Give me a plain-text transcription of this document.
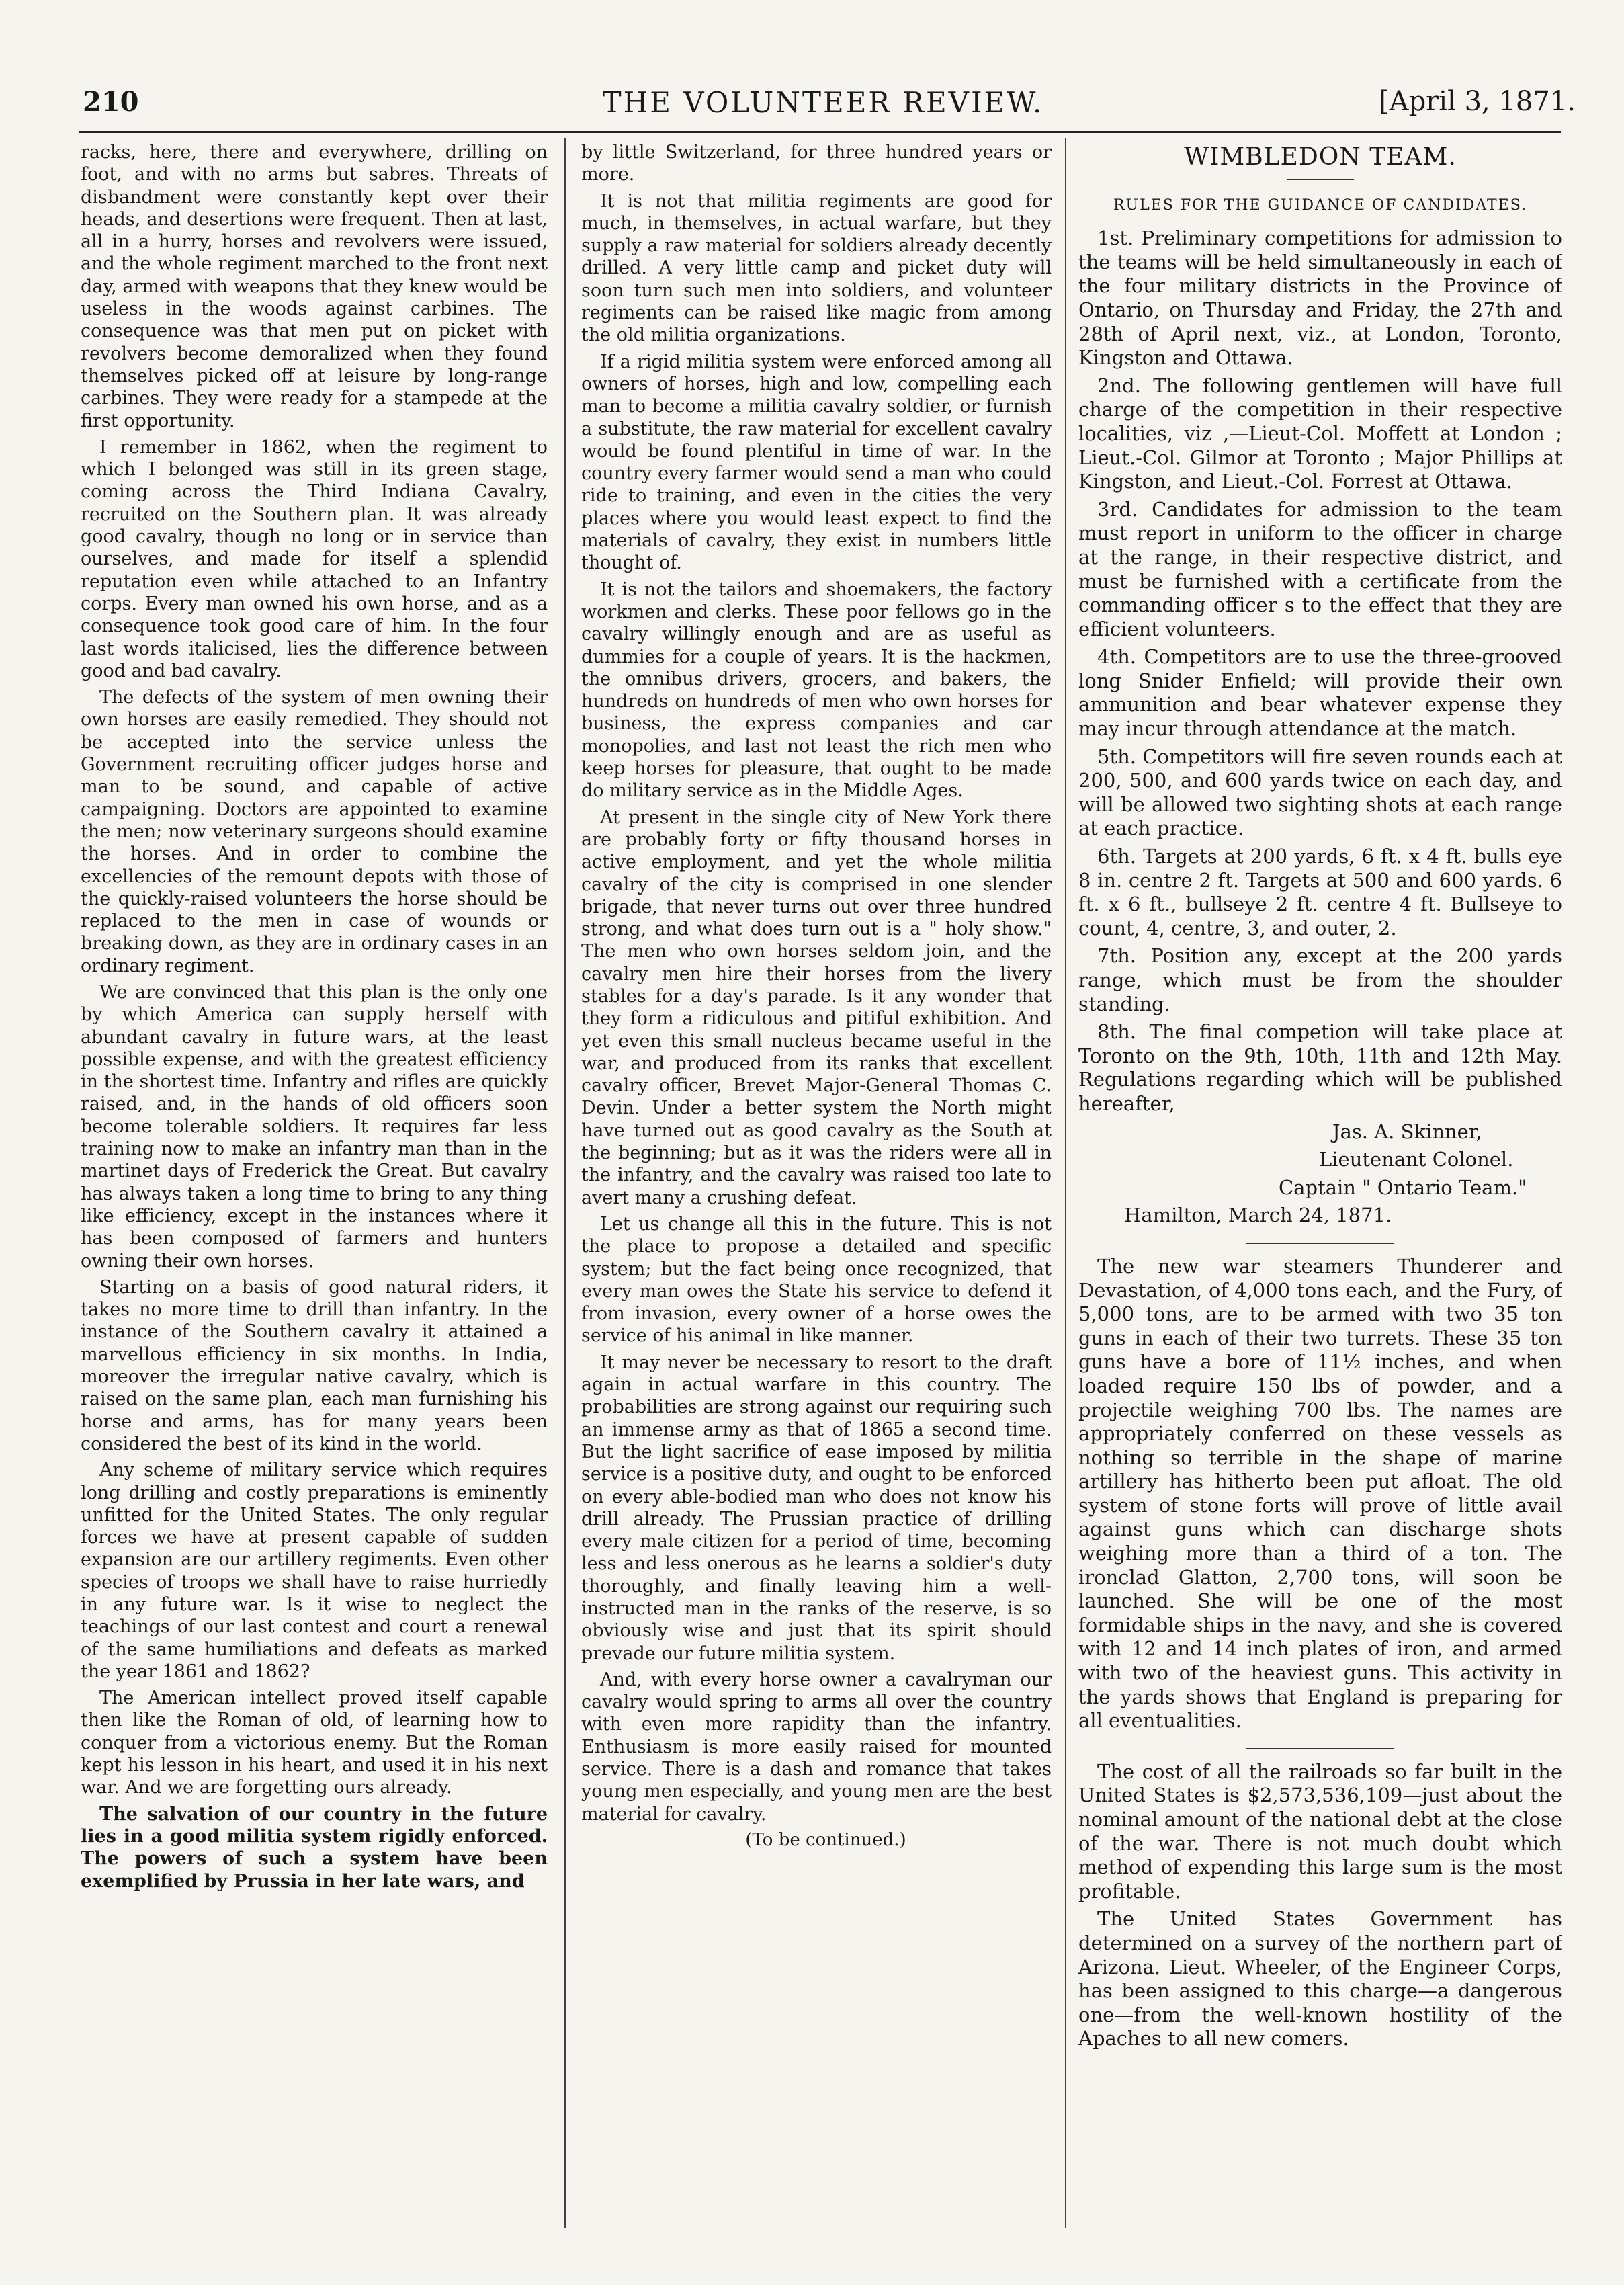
210	THE VOLUNTEER REVIEW.	[April 3, 1871.

racks, here, there and everywhere, drilling on foot, and with no arms but sabres. Threats of disbandment were constantly kept over their heads, and desertions were frequent. Then at last, all in a hurry, horses and revolvers were issued, and the whole regiment marched to the front next day, armed with weapons that they knew would be useless in the woods against carbines. The consequence was that men put on picket with revolvers become demoralized when they found themselves picked off at leisure by long-range carbines. They were ready for a stampede at the first opportunity.

I remember in 1862, when the regiment to which I belonged was still in its green stage, coming across the Third Indiana Cavalry, recruited on the Southern plan. It was already good cavalry, though no long or in service than ourselves, and made for itself a splendid reputation even while attached to an Infantry corps. Every man owned his own horse, and as a consequence took good care of him. In the four last words italicised, lies the difference between good and bad cavalry.

The defects of the system of men owning their own horses are easily remedied. They should not be accepted into the service unless the Government recruiting officer judges horse and man to be sound, and capable of active campaigning. Doctors are appointed to examine the men; now veterinary surgeons should examine the horses. And in order to combine the excellencies of the remount depots with those of the quickly-raised volunteers the horse should be replaced to the men in case of wounds or breaking down, as they are in ordinary cases in an ordinary regiment.

We are convinced that this plan is the only one by which America can supply herself with abundant cavalry in future wars, at the least possible expense, and with the greatest efficiency in the shortest time. Infantry and rifles are quickly raised, and, in the hands of old officers soon become tolerable soldiers. It requires far less training now to make an infantry man than in the martinet days of Frederick the Great. But cavalry has always taken a long time to bring to any thing like efficiency, except in the instances where it has been composed of farmers and hunters owning their own horses.

Starting on a basis of good natural riders, it takes no more time to drill than infantry. In the instance of the Southern cavalry it attained a marvellous efficiency in six months. In India, moreover the irregular native cavalry, which is raised on the same plan, each man furnishing his horse and arms, has for many years been considered the best of its kind in the world.

Any scheme of military service which requires long drilling and costly preparations is eminently unfitted for the United States. The only regular forces we have at present capable of sudden expansion are our artillery regiments. Even other species of troops we shall have to raise hurriedly in any future war. Is it wise to neglect the teachings of our last contest and court a renewal of the same humiliations and defeats as marked the year 1861 and 1862?

The American intellect proved itself capable then like the Roman of old, of learning how to conquer from a victorious enemy. But the Roman kept his lesson in his heart, and used it in his next war. And we are forgetting ours already.

The salvation of our country in the future lies in a good militia system rigidly enforced. The powers of such a system have been exemplified by Prussia in her late wars, and

by little Switzerland, for three hundred years or more.

It is not that militia regiments are good for much, in themselves, in actual warfare, but they supply a raw material for soldiers already decently drilled. A very little camp and picket duty will soon turn such men into soldiers, and volunteer regiments can be raised like magic from among the old militia organizations.

If a rigid militia system were enforced among all owners of horses, high and low, compelling each man to become a militia cavalry soldier, or furnish a substitute, the raw material for excellent cavalry would be found plentiful in time of war. In the country every farmer would send a man who could ride to training, and even in the cities the very places where you would least expect to find the materials of cavalry, they exist in numbers little thought of.

It is not the tailors and shoemakers, the factory workmen and clerks. These poor fellows go in the cavalry willingly enough and are as useful as dummies for a couple of years. It is the hackmen, the omnibus drivers, grocers, and bakers, the hundreds on hundreds of men who own horses for business, the express companies and car monopolies, and last not least the rich men who keep horses for pleasure, that ought to be made do military service as in the Middle Ages.

At present in the single city of New York there are probably forty or fifty thousand horses in active employment, and yet the whole militia cavalry of the city is comprised in one slender brigade, that never turns out over three hundred strong, and what does turn out is a " holy show." The men who own horses seldom join, and the cavalry men hire their horses from the livery stables for a day's parade. Is it any wonder that they form a ridiculous and pitiful exhibition. And yet even this small nucleus became useful in the war, and produced from its ranks that excellent cavalry officer, Brevet Major-General Thomas C. Devin. Under a better system the North might have turned out as good cavalry as the South at the beginning; but as it was the riders were all in the infantry, and the cavalry was raised too late to avert many a crushing defeat.

Let us change all this in the future. This is not the place to propose a detailed and specific system; but the fact being once recognized, that every man owes the State his service to defend it from invasion, every owner of a horse owes the service of his animal in like manner.

It may never be necessary to resort to the draft again in actual warfare in this country. The probabilities are strong against our requiring such an immense army as that of 1865 a second time. But the light sacrifice of ease imposed by militia service is a positive duty, and ought to be enforced on every able-bodied man who does not know his drill already. The Prussian practice of drilling every male citizen for a period of time, becoming less and less onerous as he learns a soldier's duty thoroughly, and finally leaving him a well-instructed man in the ranks of the reserve, is so obviously wise and just that its spirit should prevade our future militia system.

And, with every horse owner a cavalryman our cavalry would spring to arms all over the country with even more rapidity than the infantry. Enthusiasm is more easily raised for mounted service. There is a dash and romance that takes young men especially, and young men are the best material for cavalry.

(To be continued.)

WIMBLEDON TEAM.

RULES FOR THE GUIDANCE OF CANDIDATES.

1st. Preliminary competitions for admission to the teams will be held simultaneously in each of the four military districts in the Province of Ontario, on Thursday and Friday, the 27th and 28th of April next, viz., at London, Toronto, Kingston and Ottawa.

2nd. The following gentlemen will have full charge of the competition in their respective localities, viz ,—Lieut-Col. Moffett at London ; Lieut.-Col. Gilmor at Toronto ; Major Phillips at Kingston, and Lieut.-Col. Forrest at Ottawa.

3rd. Candidates for admission to the team must report in uniform to the officer in charge at the range, in their respective district, and must be furnished with a certificate from the commanding officer s to the effect that they are efficient volunteers.

4th. Competitors are to use the three-grooved long Snider Enfield; will provide their own ammunition and bear whatever expense they may incur through attendance at the match.

5th. Competitors will fire seven rounds each at 200, 500, and 600 yards twice on each day, and will be allowed two sighting shots at each range at each practice.

6th. Targets at 200 yards, 6 ft. x 4 ft. bulls eye 8 in. centre 2 ft. Targets at 500 and 600 yards. 6 ft. x 6 ft., bullseye 2 ft. centre 4 ft. Bullseye to count, 4, centre, 3, and outer, 2.

7th. Position any, except at the 200 yards range, which must be from the shoulder standing.

8th. The final competion will take place at Toronto on the 9th, 10th, 11th and 12th May. Regulations regarding which will be published hereafter,

Jas. A. Skinner,

Lieutenant Colonel.

Captain " Ontario Team."

Hamilton, March 24, 1871.

The new war steamers Thunderer and Devastation, of 4,000 tons each, and the Fury, of 5,000 tons, are to be armed with two 35 ton guns in each of their two turrets. These 35 ton guns have a bore of 11½ inches, and when loaded require 150 lbs of powder, and a projectile weighing 700 lbs. The names are appropriately conferred on these vessels as nothing so terrible in the shape of marine artillery has hitherto been put afloat. The old system of stone forts will prove of little avail against guns which can discharge shots weighing more than a third of a ton. The ironclad Glatton, 2,700 tons, will soon be launched. She will be one of the most formidable ships in the navy, and she is covered with 12 and 14 inch plates of iron, and armed with two of the heaviest guns. This activity in the yards shows that England is preparing for all eventualities.

The cost of all the railroads so far built in the United States is $2,573,536,109—just about the nominal amount of the national debt at the close of the war. There is not much doubt which method of expending this large sum is the most profitable.

The United States Government has determined on a survey of the northern part of Arizona. Lieut. Wheeler, of the Engineer Corps, has been assigned to this charge—a dangerous one—from the well-known hostility of the Apaches to all new comers.
